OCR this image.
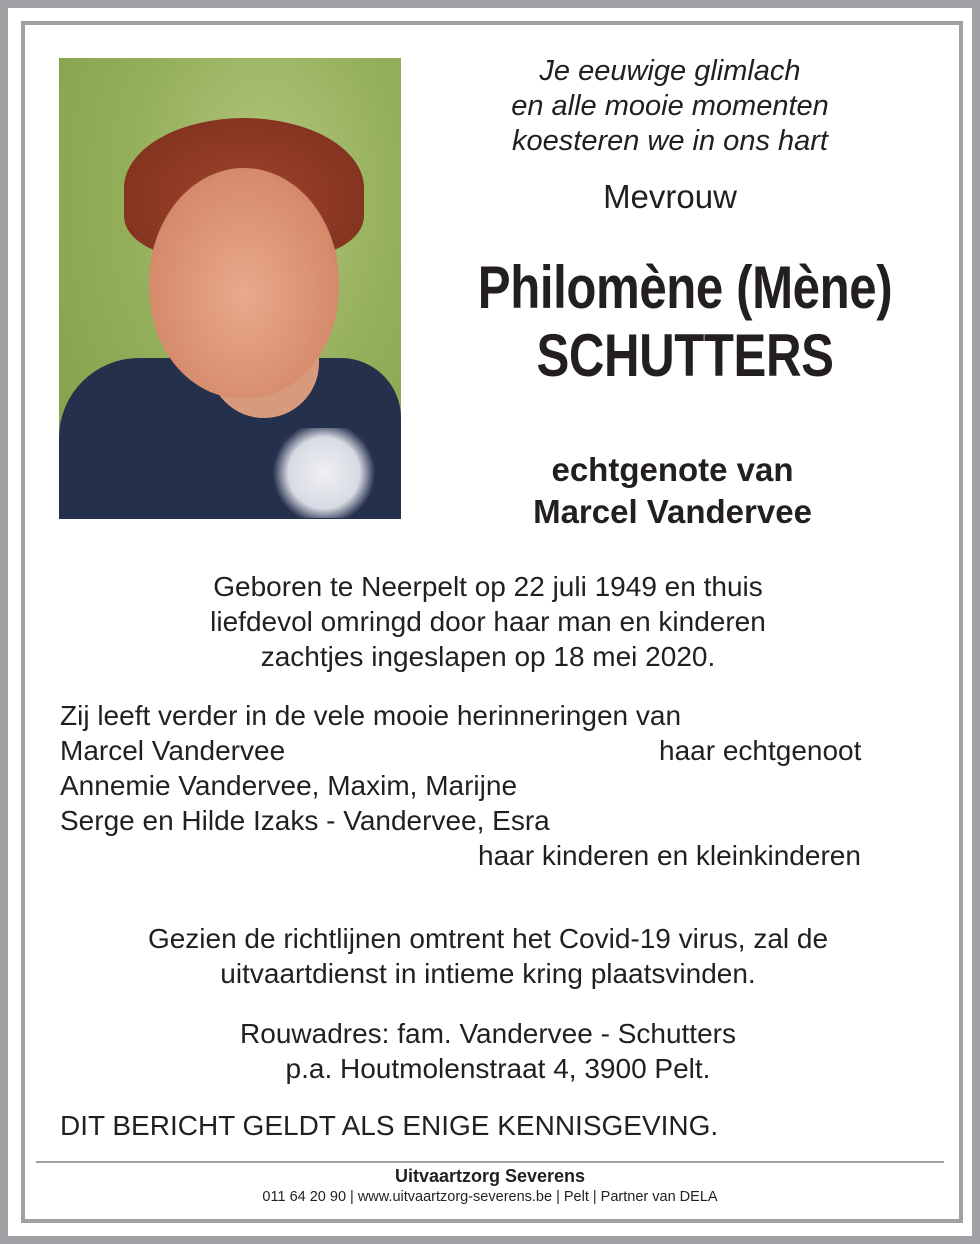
Je eeuwige glimlach
en alle mooie momenten
koesteren we in ons hart
Mevrouw
Philomène (Mène)
SCHUTTERS
echtgenote van
Marcel Vandervee
Geboren te Neerpelt op 22 juli 1949 en thuis
liefdevol omringd door haar man en kinderen
zachtjes ingeslapen op 18 mei 2020.
Zij leeft verder in de vele mooie herinneringen van
Marcel Vandervee	haar echtgenoot
Annemie Vandervee, Maxim, Marijne
Serge en Hilde Izaks - Vandervee, Esra
haar kinderen en kleinkinderen
Gezien de richtlijnen omtrent het Covid-19 virus, zal de
uitvaartdienst in intieme kring plaatsvinden.
Rouwadres: fam. Vandervee - Schutters
p.a. Houtmolenstraat 4, 3900 Pelt.
DIT BERICHT GELDT ALS ENIGE KENNISGEVING.
Uitvaartzorg Severens
011 64 20 90 | www.uitvaartzorg-severens.be | Pelt | Partner van DELA
